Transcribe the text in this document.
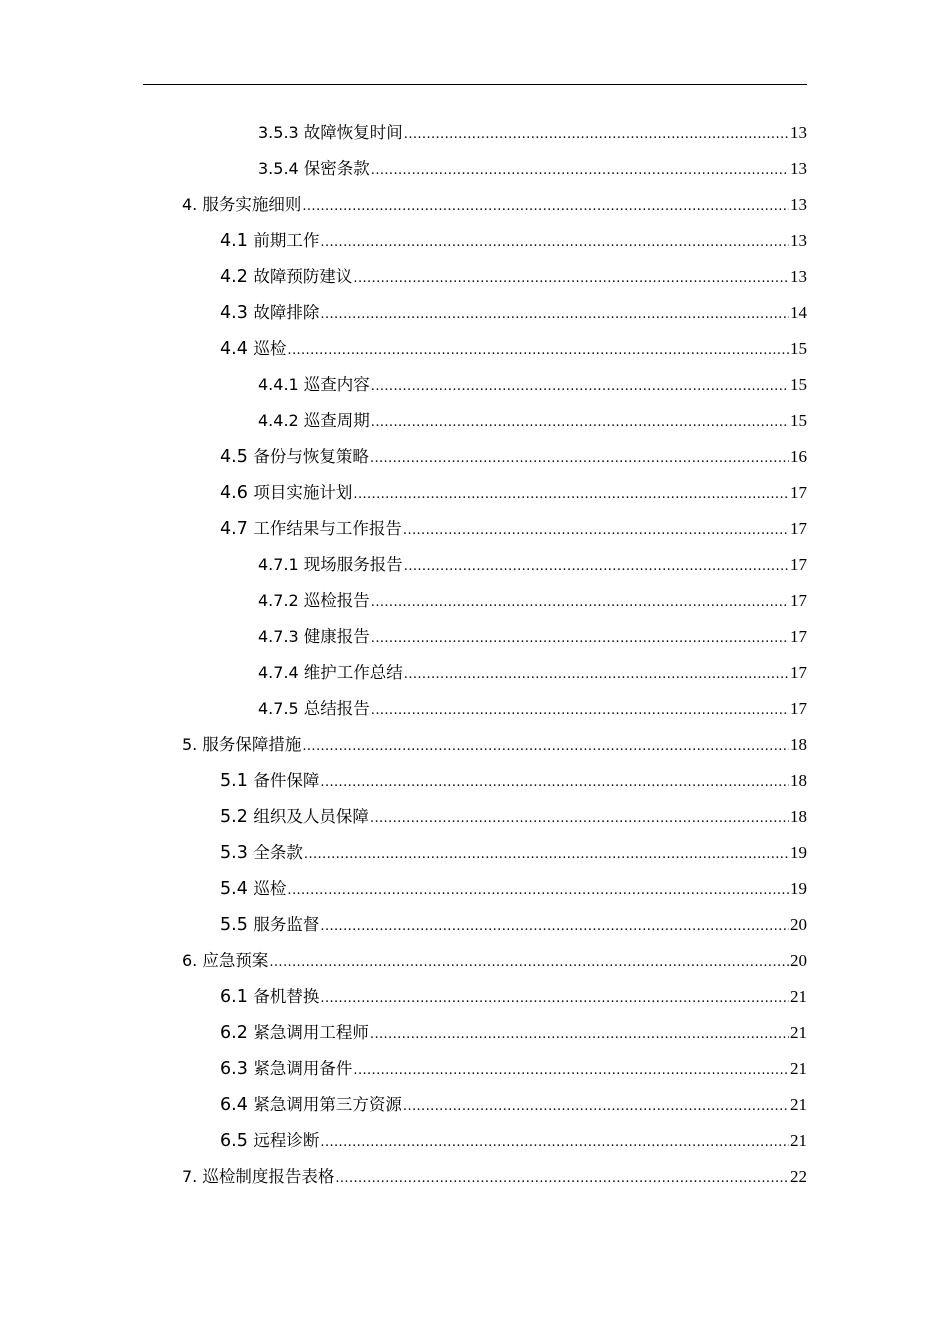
3.5.3 故障恢复时间 .....	13
3.5.4 保密条款 .....	13
4. 服务实施细则 .....	13
4.1 前期工作 .....	13
4.2 故障预防建议 .....	13
4.3 故障排除 .....	14
4.4 巡检 .....	15
4.4.1 巡查内容 .....	15
4.4.2 巡查周期 .....	15
4.5 备份与恢复策略 .....	16
4.6 项目实施计划 .....	17
4.7 工作结果与工作报告 .....	17
4.7.1 现场服务报告 .....	17
4.7.2 巡检报告 .....	17
4.7.3 健康报告 .....	17
4.7.4 维护工作总结 .....	17
4.7.5 总结报告 .....	17
5. 服务保障措施 .....	18
5.1 备件保障 .....	18
5.2 组织及人员保障 .....	18
5.3 全条款 .....	19
5.4 巡检 .....	19
5.5 服务监督 .....	20
6. 应急预案 .....	20
6.1 备机替换 .....	21
6.2 紧急调用工程师 .....	21
6.3 紧急调用备件 .....	21
6.4 紧急调用第三方资源 .....	21
6.5 远程诊断 .....	21
7. 巡检制度报告表格 .....	22
